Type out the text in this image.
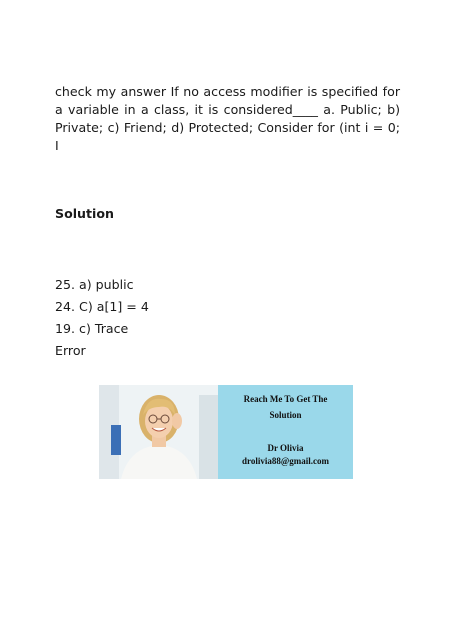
check my answer If no access modifier is specified for a variable in a class, it is considered____ a. Public; b) Private; c) Friend; d) Protected; Consider for (int i = 0; I

Solution
25. a) public
24. C) a[1] = 4
19. c) Trace
Error
Reach Me To Get The
Solution
Dr Olivia
drolivia88@gmail.com
